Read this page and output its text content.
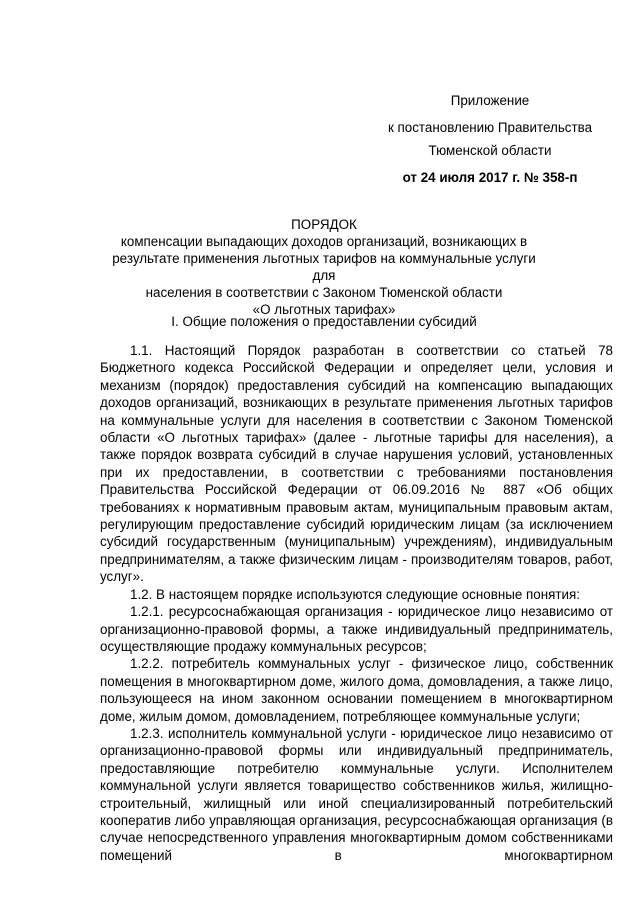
Приложение
к постановлению Правительства
Тюменской области
от 24 июля 2017 г. № 358-п
ПОРЯДОК
компенсации выпадающих доходов организаций, возникающих в
результате применения льготных тарифов на коммунальные услуги для
населения в соответствии с Законом Тюменской области
«О льготных тарифах»
I. Общие положения о предоставлении субсидий

1.1. Настоящий Порядок разработан в соответствии со статьей 78 Бюджетного кодекса Российской Федерации и определяет цели, условия и механизм (порядок) предоставления субсидий на компенсацию выпадающих доходов организаций, возникающих в результате применения льготных тарифов на коммунальные услуги для населения в соответствии с Законом Тюменской области «О льготных тарифах» (далее - льготные тарифы для населения), а также порядок возврата субсидий в случае нарушения условий, установленных при их предоставлении, в соответствии с требованиями постановления Правительства Российской Федерации от 06.09.2016 № 887 «Об общих требованиях к нормативным правовым актам, муниципальным правовым актам, регулирующим предоставление субсидий юридическим лицам (за исключением субсидий государственным (муниципальным) учреждениям), индивидуальным предпринимателям, а также физическим лицам - производителям товаров, работ, услуг».

1.2. В настоящем порядке используются следующие основные понятия:

1.2.1. ресурсоснабжающая организация - юридическое лицо независимо от организационно-правовой формы, а также индивидуальный предприниматель, осуществляющие продажу коммунальных ресурсов;

1.2.2. потребитель коммунальных услуг - физическое лицо, собственник помещения в многоквартирном доме, жилого дома, домовладения, а также лицо, пользующееся на ином законном основании помещением в многоквартирном доме, жилым домом, домовладением, потребляющее коммунальные услуги;

1.2.3. исполнитель коммунальной услуги - юридическое лицо независимо от организационно-правовой формы или индивидуальный предприниматель, предоставляющие потребителю коммунальные услуги. Исполнителем коммунальной услуги является товарищество собственников жилья, жилищно-строительный, жилищный или иной специализированный потребительский кооператив либо управляющая организация, ресурсоснабжающая организация (в случае непосредственного управления многоквартирным домом собственниками помещений в многоквартирном
